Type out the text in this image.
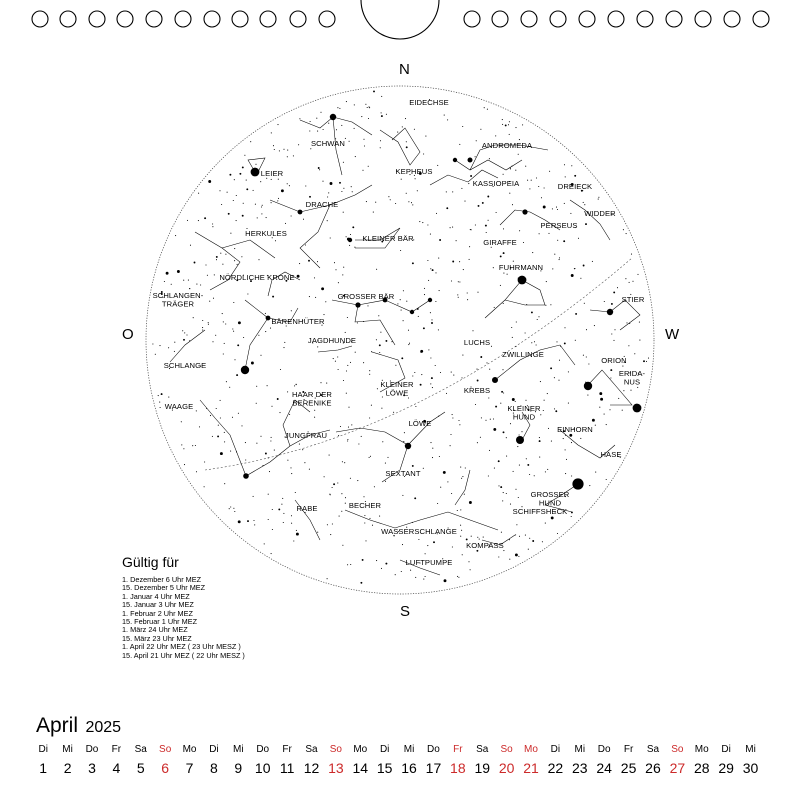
EIDECHSE
SCHWAN	ANDROMEDA
KEPHEUS
KASSIOPEIA
LEIER
DREIECK
DRACHE
WIDDER
PERSEUS
HERKULES
KLEINER BÄR	GIRAFFE
FUHRMANN
NÖRDLICHE KRONE
SCHLANGEN-TRÄGER
GROSSER BÄR	STIER
BÄRENHÜTER
JAGDHUNDE	LUCHS
ZWILLINGE
ORION
SCHLANGE
ERIDA-NUS
KLEINER LÖWE	KREBS
HAAR DER BERENIKE
WAAGE	KLEINER HUND
LÖWE
EINHORN
JUNGFRAU
HASE
SEXTANT
GROSSER HUND
RABE	BECHER
SCHIFFSHECK
WASSERSCHLANGE
KOMPASS
LUFTPUMPE
N
S
O	W
Gültig für
1. Dezember 6 Uhr MEZ
15. Dezember 5 Uhr MEZ
1. Januar 4 Uhr MEZ
15. Januar 3 Uhr MEZ
1. Februar 2 Uhr MEZ
15. Februar 1 Uhr MEZ
1. März 24 Uhr MEZ
15. März 23 Uhr MEZ
1. April 22 Uhr MEZ ( 23 Uhr MESZ )
15. April 21 Uhr MEZ ( 22 Uhr MESZ )
April 2025
Di	Mi	Do	Fr	Sa	So	Mo	Di	Mi	Do	Fr	Sa	So	Mo	Di	Mi	Do	Fr	Sa	So	Mo	Di	Mi	Do	Fr	Sa	So	Mo	Di	Mi
1	2	3	4	5	6	7	8	9 10 11 12 13 14 15 16 17 18 19 20 21 22 23 24 25 26 27 28 29 30
